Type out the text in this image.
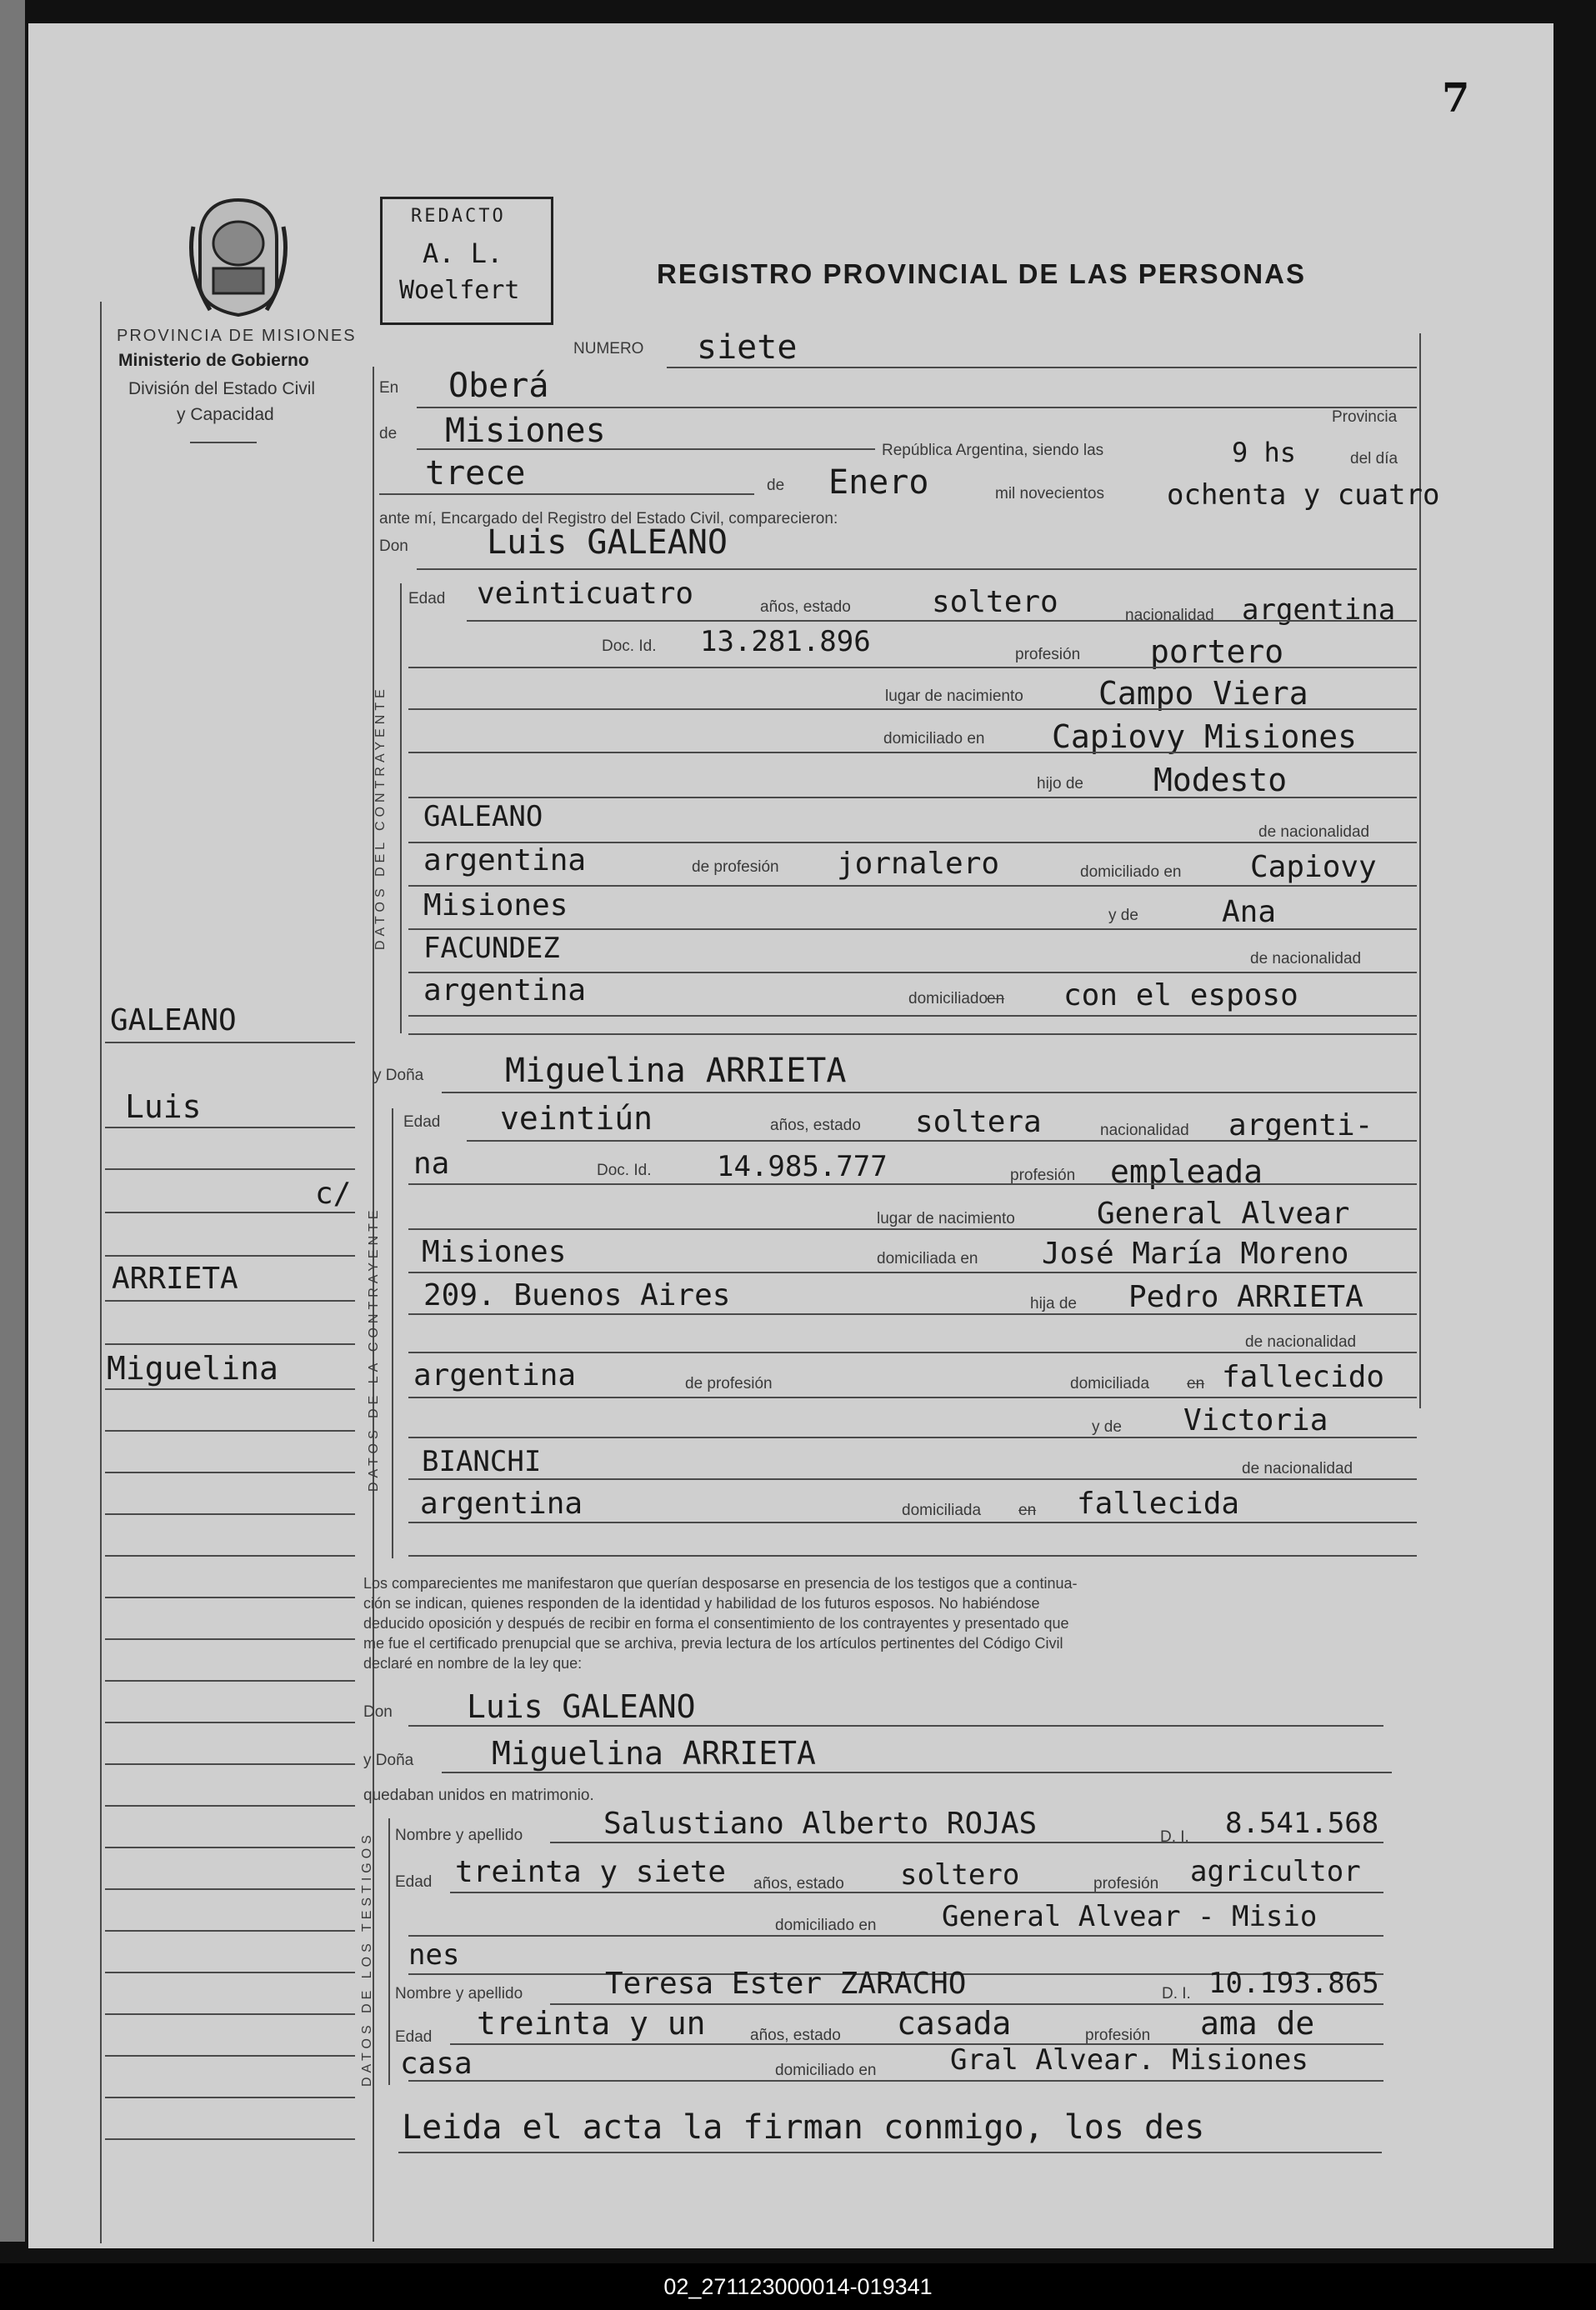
7
PROVINCIA DE MISIONES
Ministerio de Gobierno
División del Estado Civil
y Capacidad
REDACTO
A. L.
Woelfert
REGISTRO PROVINCIAL DE LAS PERSONAS
NUMERO siete
En Oberá
Provincia
de Misiones
República Argentina, siendo las	9 hs	del día
trece	de Enero	mil novecientos ochenta y cuatro
ante mí, Encargado del Registro del Estado Civil, comparecieron:
Don Luis GALEANO
DATOS DEL CONTRAYENTE
Edad veinticuatro	años, estado	soltero	nacionalidad argentina
Doc. Id. 13.281.896	profesión portero
lugar de nacimiento Campo Viera
domiciliado en Capiovy Misiones
hijo de Modesto
GALEANO	de nacionalidad
argentina	de profesión jornalero	domiciliado en Capiovy
Misiones	y de	Ana
FACUNDEZ	de nacionalidad
argentina	domiciliado
en con el esposo
GALEANO
Luis
c/
ARRIETA
Miguelina
y Doña Miguelina ARRIETA
DATOS DE LA CONTRAYENTE
Edad veintiún	años, estado soltera	nacionalidad argenti-
na	Doc. Id. 14.985.777	profesión empleada
lugar de nacimiento	General Alvear
Misiones	domiciliada en José María Moreno
209. Buenos Aires	hija de Pedro ARRIETA
de nacionalidad
argentina	de profesión	domiciliada en fallecido
y de Victoria
BIANCHI	de nacionalidad
argentina	domiciliada en fallecida
Los comparecientes me manifestaron que querían desposarse en presencia de los testigos que a continua-
ción se indican, quienes responden de la identidad y habilidad de los futuros esposos. No habiéndose
deducido oposición y después de recibir en forma el consentimiento de los contrayentes y presentado que
me fue el certificado prenupcial que se archiva, previa lectura de los artículos pertinentes del Código Civil
declaré en nombre de la ley que:
Don Luis GALEANO
y Doña Miguelina ARRIETA
quedaban unidos en matrimonio.
DATOS DE LOS TESTIGOS Nombre y apellido	Salustiano Alberto ROJAS	D. I. 8.541.568
Edad treinta y siete años, estado soltero	profesión agricultor
domiciliado en General Alvear - Misio
nes
Nombre y apellido	Teresa Ester ZARACHO	D. I. 10.193.865
Edad treinta y un	años, estado casada	profesión ama de
casa	domiciliado en	Gral Alvear. Misiones
Leida el acta la firman conmigo, los des
02_271123000014-019341
